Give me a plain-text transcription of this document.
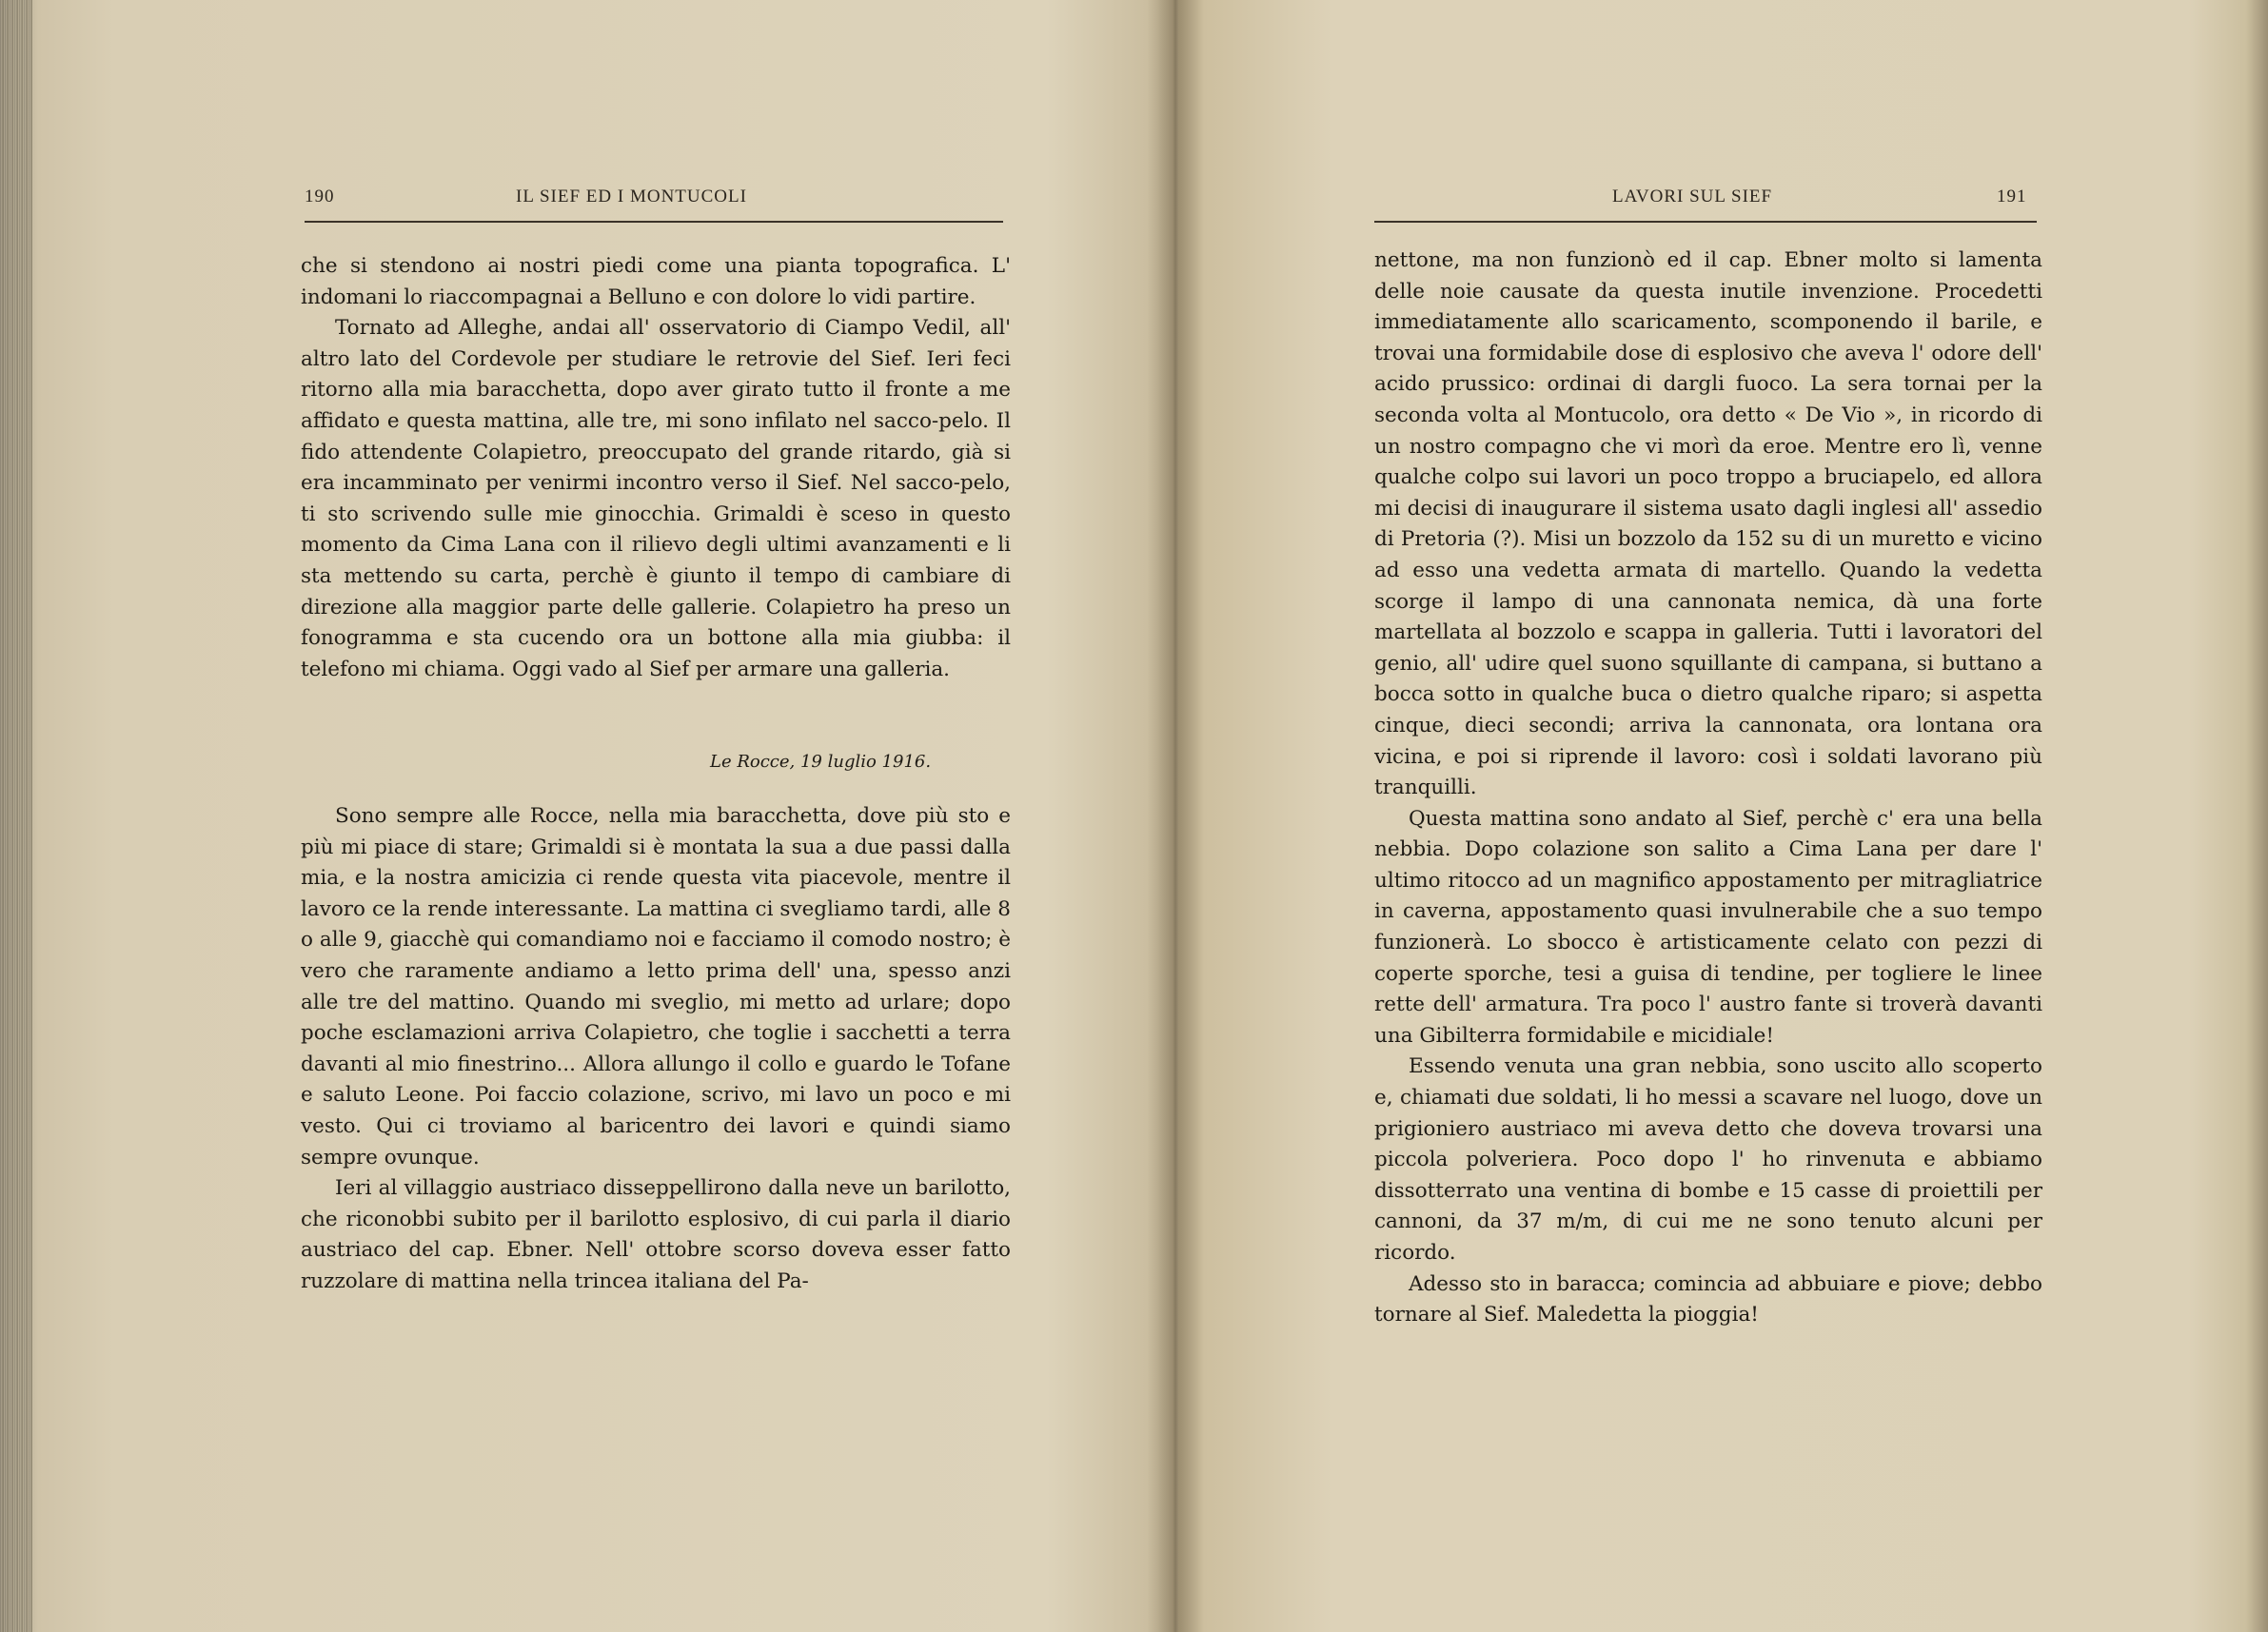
190	IL SIEF ED I MONTUCOLI

che si stendono ai nostri piedi come una pianta topografica. L' indomani lo riaccompagnai a Belluno e con dolore lo vidi partire.

Tornato ad Alleghe, andai all' osservatorio di Ciampo Vedil, all' altro lato del Cordevole per studiare le retrovie del Sief. Ieri feci ritorno alla mia baracchetta, dopo aver girato tutto il fronte a me affidato e questa mattina, alle tre, mi sono infilato nel sacco-pelo. Il fido attendente Colapietro, preoccupato del grande ritardo, già si era incamminato per venirmi incontro verso il Sief. Nel sacco-pelo, ti sto scrivendo sulle mie ginocchia. Grimaldi è sceso in questo momento da Cima Lana con il rilievo degli ultimi avanzamenti e li sta mettendo su carta, perchè è giunto il tempo di cambiare di direzione alla maggior parte delle gallerie. Colapietro ha preso un fonogramma e sta cucendo ora un bottone alla mia giubba: il telefono mi chiama. Oggi vado al Sief per armare una galleria.

Le Rocce, 19 luglio 1916.

Sono sempre alle Rocce, nella mia baracchetta, dove più sto e più mi piace di stare; Grimaldi si è montata la sua a due passi dalla mia, e la nostra amicizia ci rende questa vita piacevole, mentre il lavoro ce la rende interessante. La mattina ci svegliamo tardi, alle 8 o alle 9, giacchè qui comandiamo noi e facciamo il comodo nostro; è vero che raramente andiamo a letto prima dell' una, spesso anzi alle tre del mattino. Quando mi sveglio, mi metto ad urlare; dopo poche esclamazioni arriva Colapietro, che toglie i sacchetti a terra davanti al mio finestrino... Allora allungo il collo e guardo le Tofane e saluto Leone. Poi faccio colazione, scrivo, mi lavo un poco e mi vesto. Qui ci troviamo al baricentro dei lavori e quindi siamo sempre ovunque.

Ieri al villaggio austriaco disseppellirono dalla neve un barilotto, che riconobbi subito per il barilotto esplosivo, di cui parla il diario austriaco del cap. Ebner. Nell' ottobre scorso doveva esser fatto ruzzolare di mattina nella trincea italiana del Pa-

LAVORI SUL SIEF	191

nettone, ma non funzionò ed il cap. Ebner molto si lamenta delle noie causate da questa inutile invenzione. Procedetti immediatamente allo scaricamento, scomponendo il barile, e trovai una formidabile dose di esplosivo che aveva l' odore dell' acido prussico: ordinai di dargli fuoco. La sera tornai per la seconda volta al Montucolo, ora detto « De Vio », in ricordo di un nostro compagno che vi morì da eroe. Mentre ero lì, venne qualche colpo sui lavori un poco troppo a bruciapelo, ed allora mi decisi di inaugurare il sistema usato dagli inglesi all' assedio di Pretoria (?). Misi un bozzolo da 152 su di un muretto e vicino ad esso una vedetta armata di martello. Quando la vedetta scorge il lampo di una cannonata nemica, dà una forte martellata al bozzolo e scappa in galleria. Tutti i lavoratori del genio, all' udire quel suono squillante di campana, si buttano a bocca sotto in qualche buca o dietro qualche riparo; si aspetta cinque, dieci secondi; arriva la cannonata, ora lontana ora vicina, e poi si riprende il lavoro: così i soldati lavorano più tranquilli.

Questa mattina sono andato al Sief, perchè c' era una bella nebbia. Dopo colazione son salito a Cima Lana per dare l' ultimo ritocco ad un magnifico appostamento per mitragliatrice in caverna, appostamento quasi invulnerabile che a suo tempo funzionerà. Lo sbocco è artisticamente celato con pezzi di coperte sporche, tesi a guisa di tendine, per togliere le linee rette dell' armatura. Tra poco l' austro fante si troverà davanti una Gibilterra formidabile e micidiale!

Essendo venuta una gran nebbia, sono uscito allo scoperto e, chiamati due soldati, li ho messi a scavare nel luogo, dove un prigioniero austriaco mi aveva detto che doveva trovarsi una piccola polveriera. Poco dopo l' ho rinvenuta e abbiamo dissotterrato una ventina di bombe e 15 casse di proiettili per cannoni, da 37 m/m, di cui me ne sono tenuto alcuni per ricordo.

Adesso sto in baracca; comincia ad abbuiare e piove; debbo tornare al Sief. Maledetta la pioggia!
